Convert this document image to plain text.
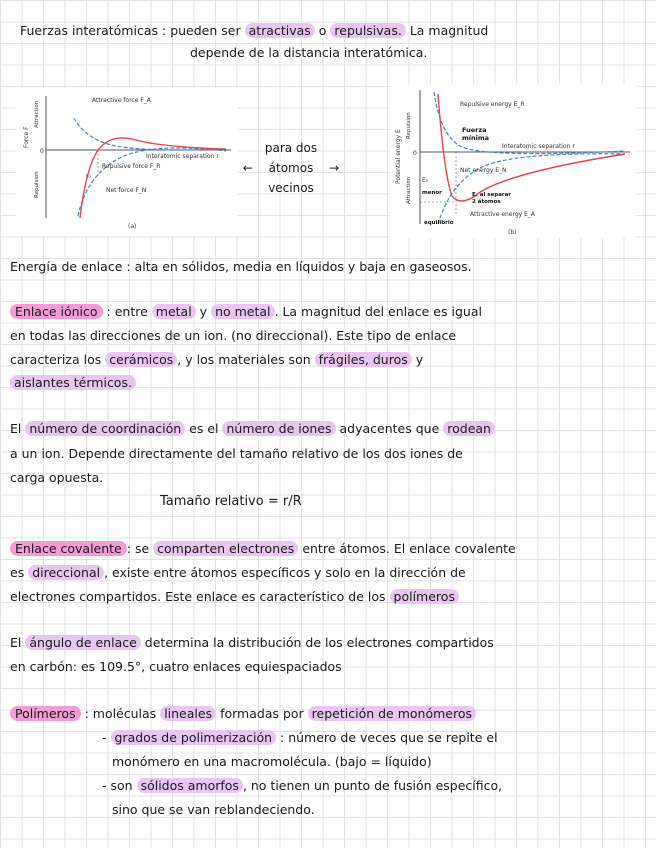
Fuerzas interatómicas : pueden ser atractivas o repulsivas. La magnitud
depende de la distancia interatómica.
0
Force F
Attraction
Repulsion	r₀
Attractive force F_A
Repulsive force F_R
Net force F_N
Interatomic separation r
(a)
para dos
← átomos →
vecinos
0
Potential energy E
Repulsion
Attraction E₀
Repulsive energy E_R
Net energy E_N
Attractive energy E_A
Interatomic separation r
(b)
Fuerza
mínima
E. al separar
2 átomos
equilibrio
menor
Energía de enlace : alta en sólidos, media en líquidos y baja en gaseosos.
Enlace iónico : entre metal y no metal . La magnitud del enlace es igual
en todas las direcciones de un ion. (no direccional). Este tipo de enlace
caracteriza los cerámicos , y los materiales son frágiles, duros y
aislantes térmicos.
El número de coordinación es el número de iones adyacentes que rodean
a un ion. Depende directamente del tamaño relativo de los dos iones de
carga opuesta.
Tamaño relativo = r/R
Enlace covalente : se comparten electrones entre átomos. El enlace covalente
es direccional , existe entre átomos específicos y solo en la dirección de
electrones compartidos. Este enlace es característico de los polímeros
El ángulo de enlace determina la distribución de los electrones compartidos
en carbón: es 109.5°, cuatro enlaces equiespaciados
Polímeros : moléculas lineales formadas por repetición de monómeros
- grados de polimerización : número de veces que se repite el
monómero en una macromolécula. (bajo = líquido)
- son sólidos amorfos , no tienen un punto de fusión específico,
sino que se van reblandeciendo.
